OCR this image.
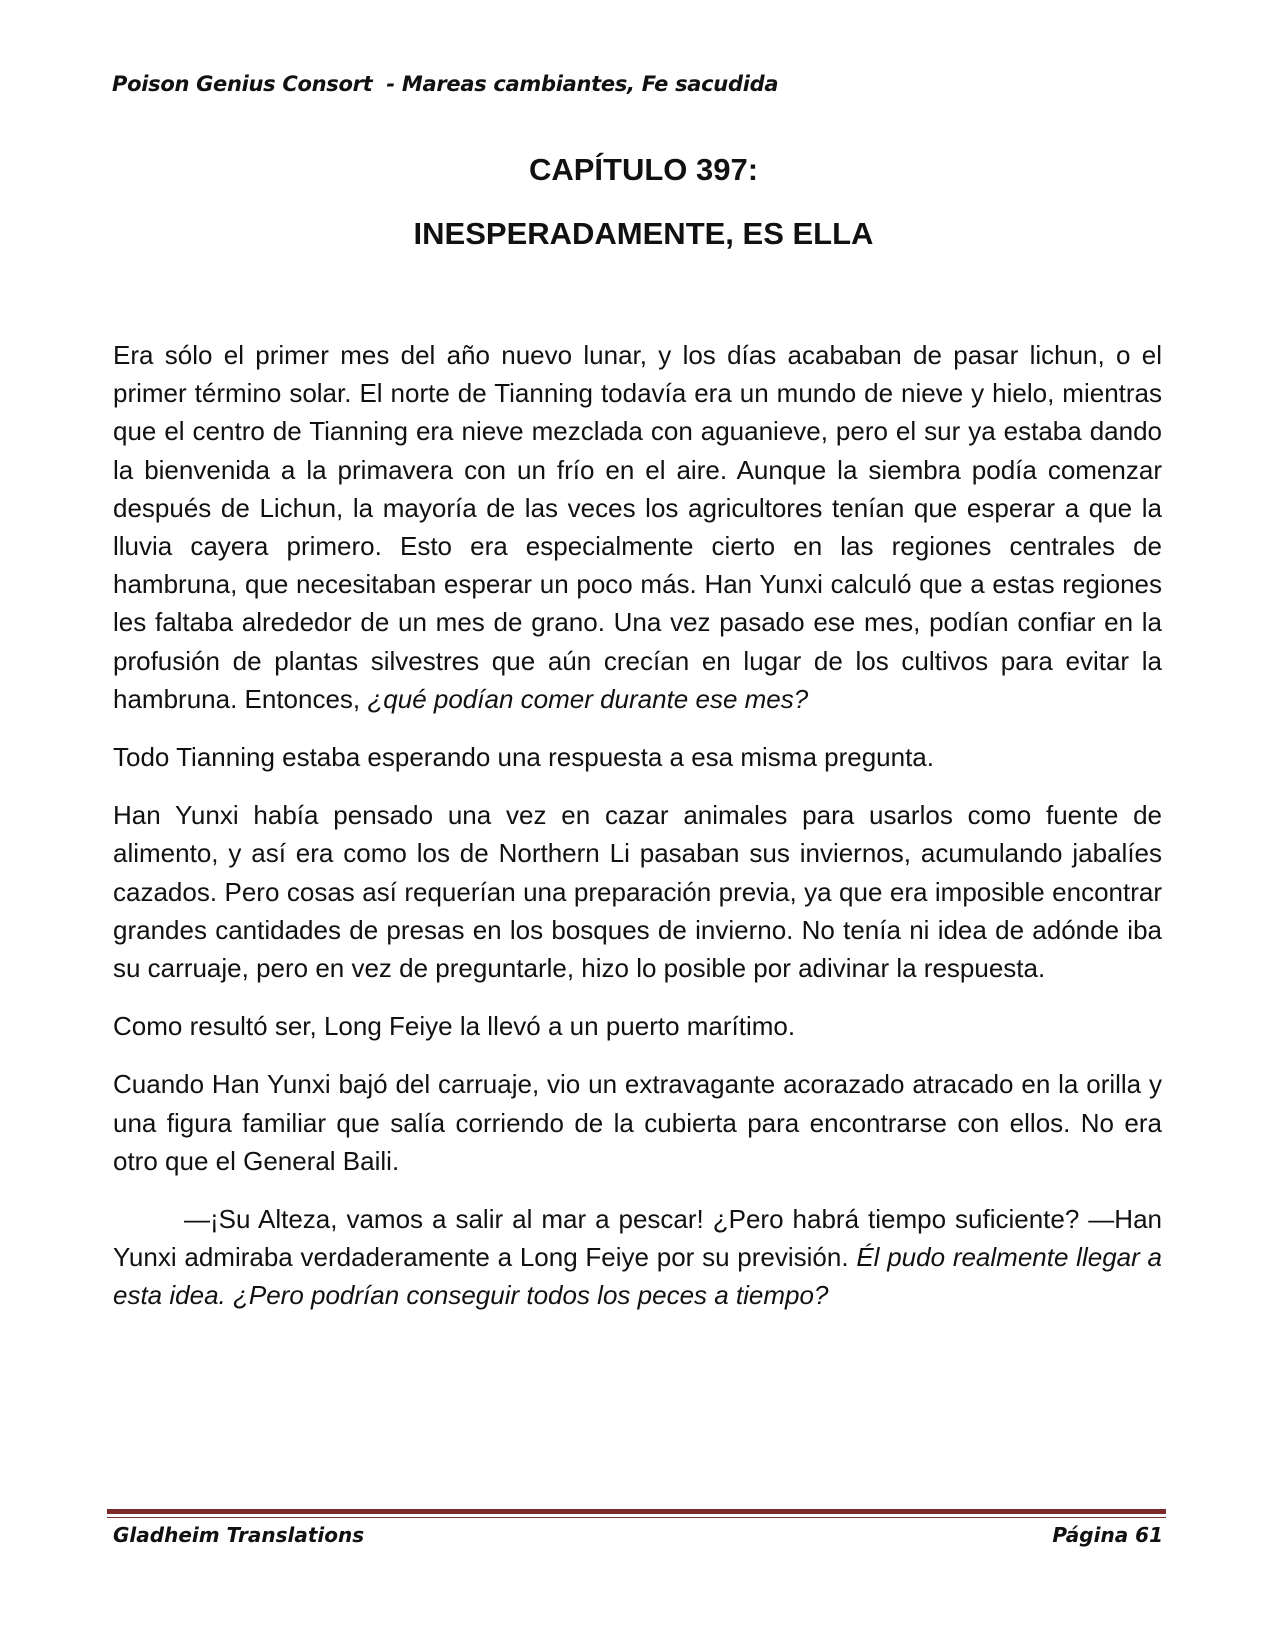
Poison Genius Consort  - Mareas cambiantes, Fe sacudida
CAPÍTULO 397:
INESPERADAMENTE, ES ELLA

Era sólo el primer mes del año nuevo lunar, y los días acababan de pasar lichun, o el primer término solar. El norte de Tianning todavía era un mundo de nieve y hielo, mientras que el centro de Tianning era nieve mezclada con aguanieve, pero el sur ya estaba dando la bienvenida a la primavera con un frío en el aire. Aunque la siembra podía comenzar después de Lichun, la mayoría de las veces los agricultores tenían que esperar a que la lluvia cayera primero. Esto era especialmente cierto en las regiones centrales de hambruna, que necesitaban esperar un poco más. Han Yunxi calculó que a estas regiones les faltaba alrededor de un mes de grano. Una vez pasado ese mes, podían confiar en la profusión de plantas silvestres que aún crecían en lugar de los cultivos para evitar la hambruna. Entonces, ¿qué podían comer durante ese mes?

Todo Tianning estaba esperando una respuesta a esa misma pregunta.

Han Yunxi había pensado una vez en cazar animales para usarlos como fuente de alimento, y así era como los de Northern Li pasaban sus inviernos, acumulando jabalíes cazados. Pero cosas así requerían una preparación previa, ya que era imposible encontrar grandes cantidades de presas en los bosques de invierno. No tenía ni idea de adónde iba su carruaje, pero en vez de preguntarle, hizo lo posible por adivinar la respuesta.

Como resultó ser, Long Feiye la llevó a un puerto marítimo.

Cuando Han Yunxi bajó del carruaje, vio un extravagante acorazado atracado en la orilla y una figura familiar que salía corriendo de la cubierta para encontrarse con ellos. No era otro que el General Baili.

—¡Su Alteza, vamos a salir al mar a pescar! ¿Pero habrá tiempo suficiente? —Han Yunxi admiraba verdaderamente a Long Feiye por su previsión. Él pudo realmente llegar a esta idea. ¿Pero podrían conseguir todos los peces a tiempo?

Gladheim Translations	Página 61
